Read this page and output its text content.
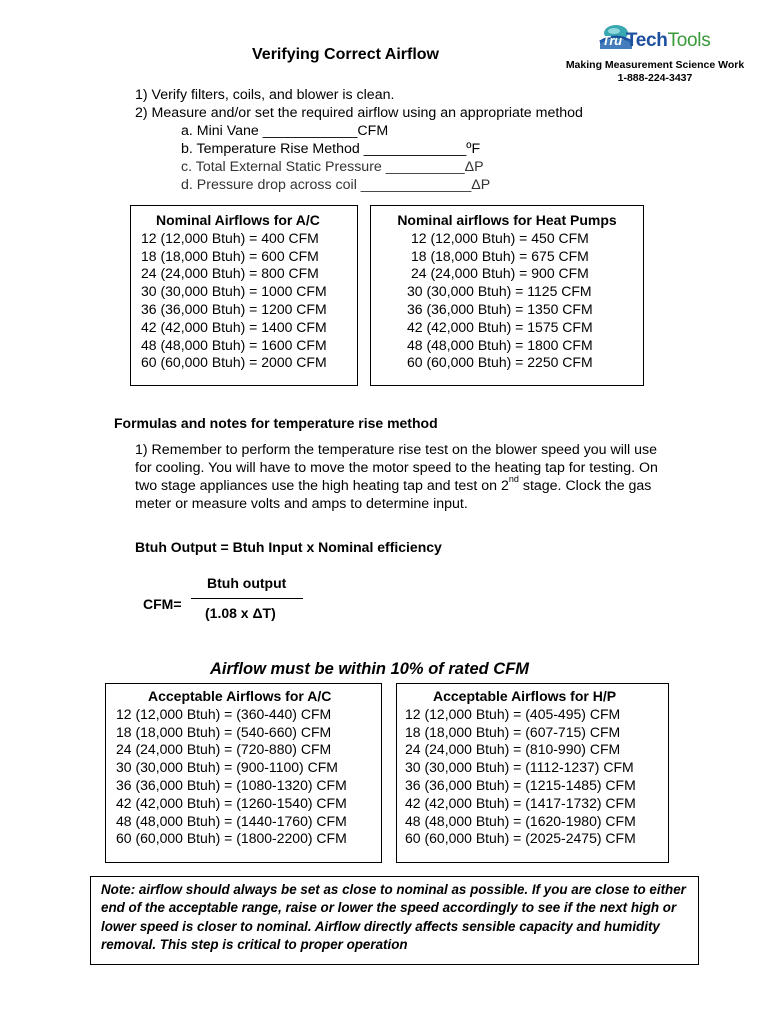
Verifying Correct Airflow
Tru TechTools
Making Measurement Science Work
1-888-224-3437
1) Verify filters, coils, and blower is clean.
2) Measure and/or set the required airflow using an appropriate method
a. Mini Vane ____________CFM
b. Temperature Rise Method _____________ºF
c. Total External Static Pressure __________ΔP
d. Pressure drop across coil ______________ΔP
Nominal Airflows for A/C
12 (12,000 Btuh) = 400 CFM
18 (18,000 Btuh) = 600 CFM
24 (24,000 Btuh) = 800 CFM
30 (30,000 Btuh) = 1000 CFM
36 (36,000 Btuh) = 1200 CFM
42 (42,000 Btuh) = 1400 CFM
48 (48,000 Btuh) = 1600 CFM
60 (60,000 Btuh) = 2000 CFM
Nominal airflows for Heat Pumps
12 (12,000 Btuh) = 450 CFM
18 (18,000 Btuh) = 675 CFM
24 (24,000 Btuh) = 900 CFM
30 (30,000 Btuh) = 1125 CFM
36 (36,000 Btuh) = 1350 CFM
42 (42,000 Btuh) = 1575 CFM
48 (48,000 Btuh) = 1800 CFM
60 (60,000 Btuh) = 2250 CFM
Formulas and notes for temperature rise method
1) Remember to perform the temperature rise test on the blower speed you will use for cooling. You will have to move the motor speed to the heating tap for testing. On two stage appliances use the high heating tap and test on 2nd stage. Clock the gas meter or measure volts and amps to determine input.
Btuh Output = Btuh Input x Nominal efficiency
CFM=
Btuh output
(1.08 x ΔT)
Airflow must be within 10% of rated CFM
Acceptable Airflows for A/C
12 (12,000 Btuh) = (360-440) CFM
18 (18,000 Btuh) = (540-660) CFM
24 (24,000 Btuh) = (720-880) CFM
30 (30,000 Btuh) = (900-1100) CFM
36 (36,000 Btuh) = (1080-1320) CFM
42 (42,000 Btuh) = (1260-1540) CFM
48 (48,000 Btuh) = (1440-1760) CFM
60 (60,000 Btuh) = (1800-2200) CFM
Acceptable Airflows for H/P
12 (12,000 Btuh) = (405-495) CFM
18 (18,000 Btuh) = (607-715) CFM
24 (24,000 Btuh) = (810-990) CFM
30 (30,000 Btuh) = (1112-1237) CFM
36 (36,000 Btuh) = (1215-1485) CFM
42 (42,000 Btuh) = (1417-1732) CFM
48 (48,000 Btuh) = (1620-1980) CFM
60 (60,000 Btuh) = (2025-2475) CFM
Note: airflow should always be set as close to nominal as possible. If you are close to either end of the acceptable range, raise or lower the speed accordingly to see if the next high or lower speed is closer to nominal. Airflow directly affects sensible capacity and humidity removal. This step is critical to proper operation
